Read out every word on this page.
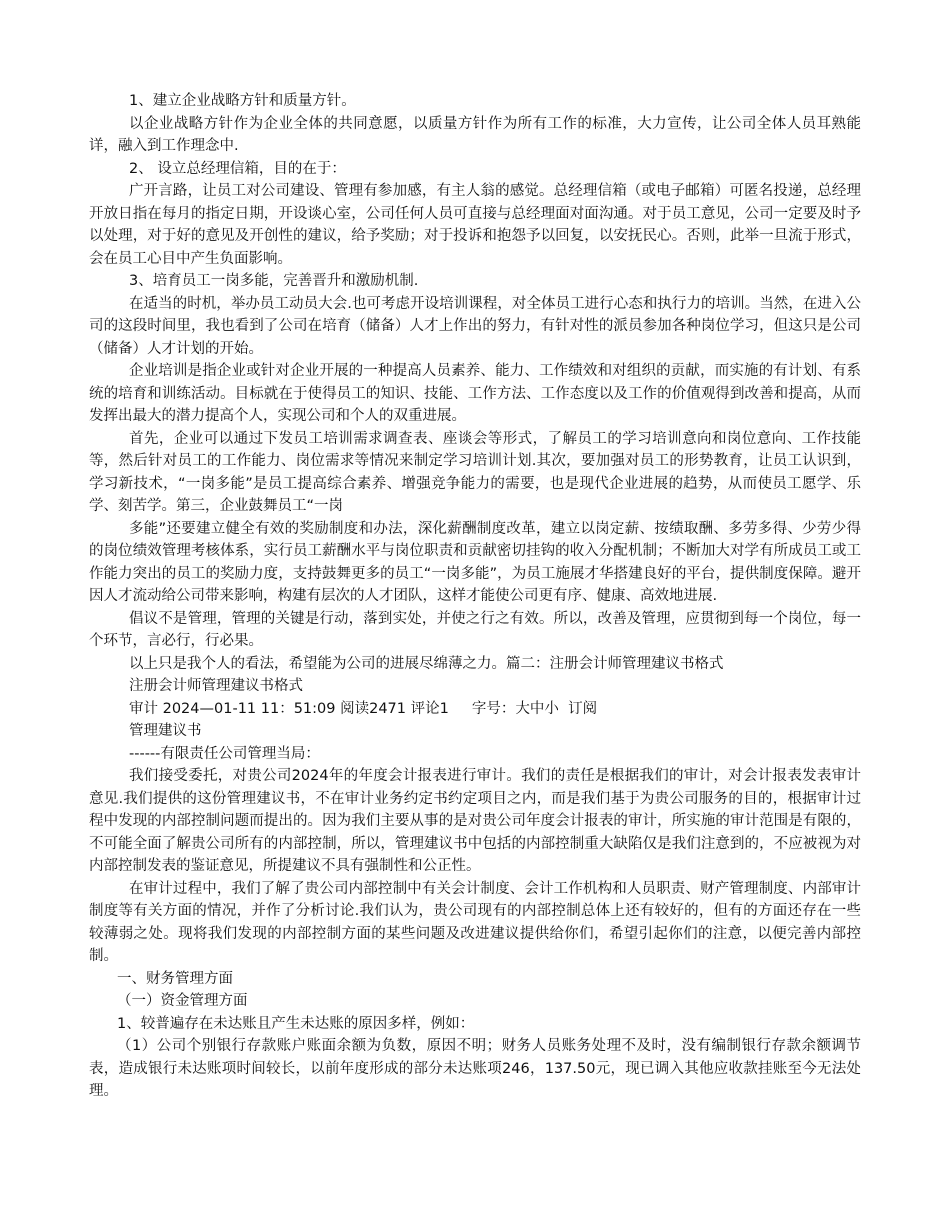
1、建立企业战略方针和质量方针。

以企业战略方针作为企业全体的共同意愿，以质量方针作为所有工作的标准，大力宣传，让公司全体人员耳熟能详，融入到工作理念中.

2、 设立总经理信箱，目的在于：

广开言路，让员工对公司建设、管理有参加感，有主人翁的感觉。总经理信箱（或电子邮箱）可匿名投递，总经理开放日指在每月的指定日期，开设谈心室，公司任何人员可直接与总经理面对面沟通。对于员工意见，公司一定要及时予以处理，对于好的意见及开创性的建议，给予奖励；对于投诉和抱怨予以回复，以安抚民心。否则，此举一旦流于形式，会在员工心目中产生负面影响。

3、培育员工一岗多能，完善晋升和激励机制.

在适当的时机，举办员工动员大会.也可考虑开设培训课程，对全体员工进行心态和执行力的培训。当然，在进入公司的这段时间里，我也看到了公司在培育（储备）人才上作出的努力，有针对性的派员参加各种岗位学习，但这只是公司（储备）人才计划的开始。

企业培训是指企业或针对企业开展的一种提高人员素养、能力、工作绩效和对组织的贡献，而实施的有计划、有系统的培育和训练活动。目标就在于使得员工的知识、技能、工作方法、工作态度以及工作的价值观得到改善和提高，从而发挥出最大的潜力提高个人，实现公司和个人的双重进展。

首先，企业可以通过下发员工培训需求调查表、座谈会等形式，了解员工的学习培训意向和岗位意向、工作技能等，然后针对员工的工作能力、岗位需求等情况来制定学习培训计划.其次，要加强对员工的形势教育，让员工认识到，学习新技术，“一岗多能”是员工提高综合素养、增强竞争能力的需要，也是现代企业进展的趋势，从而使员工愿学、乐学、刻苦学。第三，企业鼓舞员工“一岗

多能”还要建立健全有效的奖励制度和办法，深化薪酬制度改革，建立以岗定薪、按绩取酬、多劳多得、少劳少得的岗位绩效管理考核体系，实行员工薪酬水平与岗位职责和贡献密切挂钩的收入分配机制；不断加大对学有所成员工或工作能力突出的员工的奖励力度，支持鼓舞更多的员工“一岗多能”，为员工施展才华搭建良好的平台，提供制度保障。避开因人才流动给公司带来影响，构建有层次的人才团队，这样才能使公司更有序、健康、高效地进展.

倡议不是管理，管理的关键是行动，落到实处，并使之行之有效。所以，改善及管理，应贯彻到每一个岗位，每一个环节，言必行，行必果。

以上只是我个人的看法，希望能为公司的进展尽绵薄之力。篇二：注册会计师管理建议书格式

注册会计师管理建议书格式

审计 2024—01-11 11：51:09 阅读2471 评论1     字号：大中小  订阅

管理建议书

------有限责任公司管理当局：

我们接受委托，对贵公司2024年的年度会计报表进行审计。我们的责任是根据我们的审计，对会计报表发表审计意见.我们提供的这份管理建议书，不在审计业务约定书约定项目之内，而是我们基于为贵公司服务的目的，根据审计过程中发现的内部控制问题而提出的。因为我们主要从事的是对贵公司年度会计报表的审计，所实施的审计范围是有限的，不可能全面了解贵公司所有的内部控制，所以，管理建议书中包括的内部控制重大缺陷仅是我们注意到的，不应被视为对内部控制发表的鉴证意见，所提建议不具有强制性和公正性。

在审计过程中，我们了解了贵公司内部控制中有关会计制度、会计工作机构和人员职责、财产管理制度、内部审计制度等有关方面的情况，并作了分析讨论.我们认为，贵公司现有的内部控制总体上还有较好的，但有的方面还存在一些较薄弱之处。现将我们发现的内部控制方面的某些问题及改进建议提供给你们，希望引起你们的注意，以便完善内部控制。

一、财务管理方面

（一）资金管理方面

1、较普遍存在未达账且产生未达账的原因多样，例如：

（1）公司个别银行存款账户账面余额为负数，原因不明；财务人员账务处理不及时，没有编制银行存款余额调节表，造成银行未达账项时间较长，以前年度形成的部分未达账项246，137.50元，现已调入其他应收款挂账至今无法处理。
